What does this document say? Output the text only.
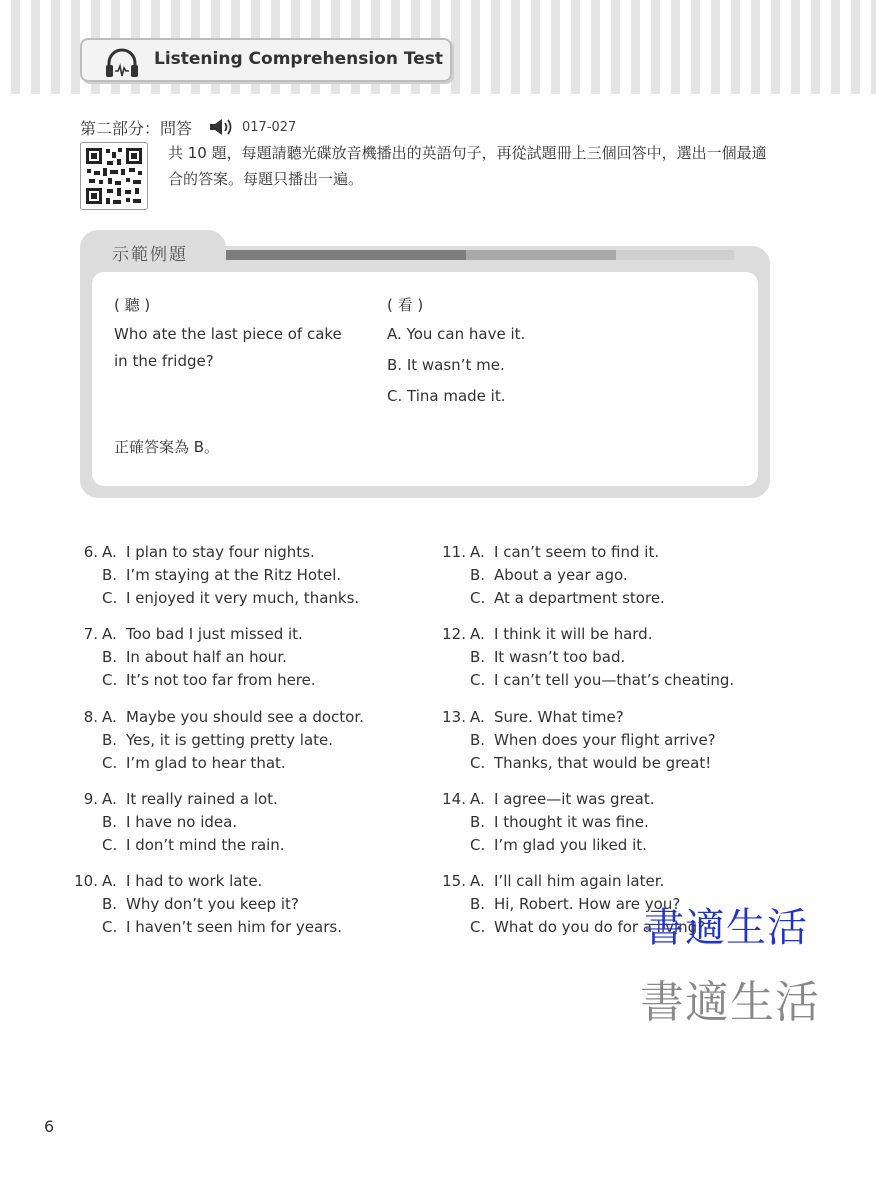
Listening Comprehension Test
第二部分：問答	017-027
共 10 題，每題請聽光碟放音機播出的英語句子，再從試題冊上三個回答中，選出一個最適合的答案。每題只播出一遍。
示範例題
( 聽 )	( 看 )
Who ate the last piece of cake
in the fridge?
A. You can have it.
B. It wasn’t me.
C. Tina made it.
正確答案為 B。
6. A. I plan to stay four nights.
B. I’m staying at the Ritz Hotel.
C. I enjoyed it very much, thanks.
7. A. Too bad I just missed it.
B. In about half an hour.
C. It’s not too far from here.
8. A. Maybe you should see a doctor.
B. Yes, it is getting pretty late.
C. I’m glad to hear that.
9. A. It really rained a lot.
B. I have no idea.
C. I don’t mind the rain.
10. A. I had to work late.
B. Why don’t you keep it?
C. I haven’t seen him for years.
11. A. I can’t seem to find it.
B. About a year ago.
C. At a department store.
12. A. I think it will be hard.
B. It wasn’t too bad.
C. I can’t tell you—that’s cheating.
13. A. Sure. What time?
B. When does your flight arrive?
C. Thanks, that would be great!
14. A. I agree—it was great.
B. I thought it was fine.
C. I’m glad you liked it.
15. A. I’ll call him again later.
B. Hi, Robert. How are you?
C. What do you do for a living?
書適生活
書適生活
6
